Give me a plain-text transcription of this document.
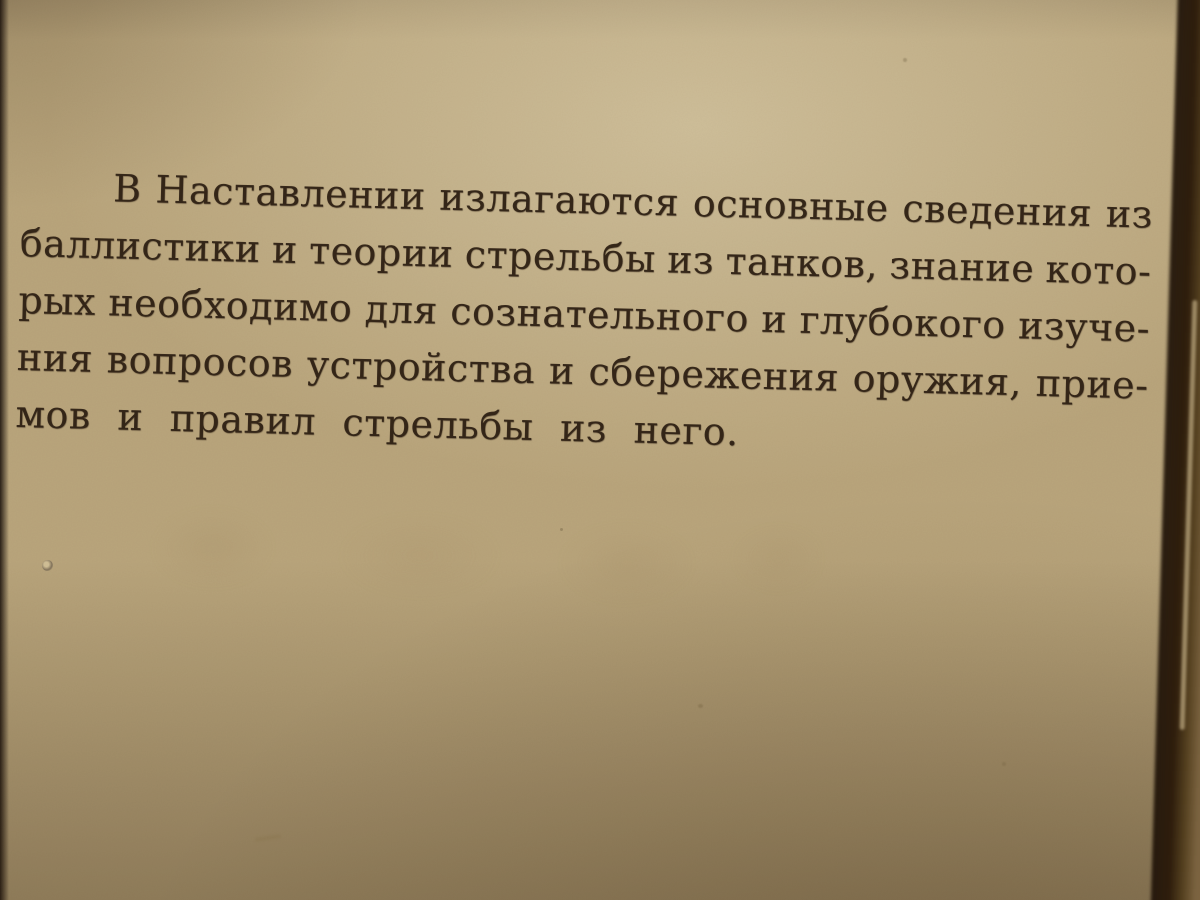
В Наставлении излагаются основные сведения из
баллистики и теории стрельбы из танков, знание кото-
рых необходимо для сознательного и глубокого изуче-
ния вопросов устройства и сбережения оружия, прие-
мов и правил стрельбы из него.
